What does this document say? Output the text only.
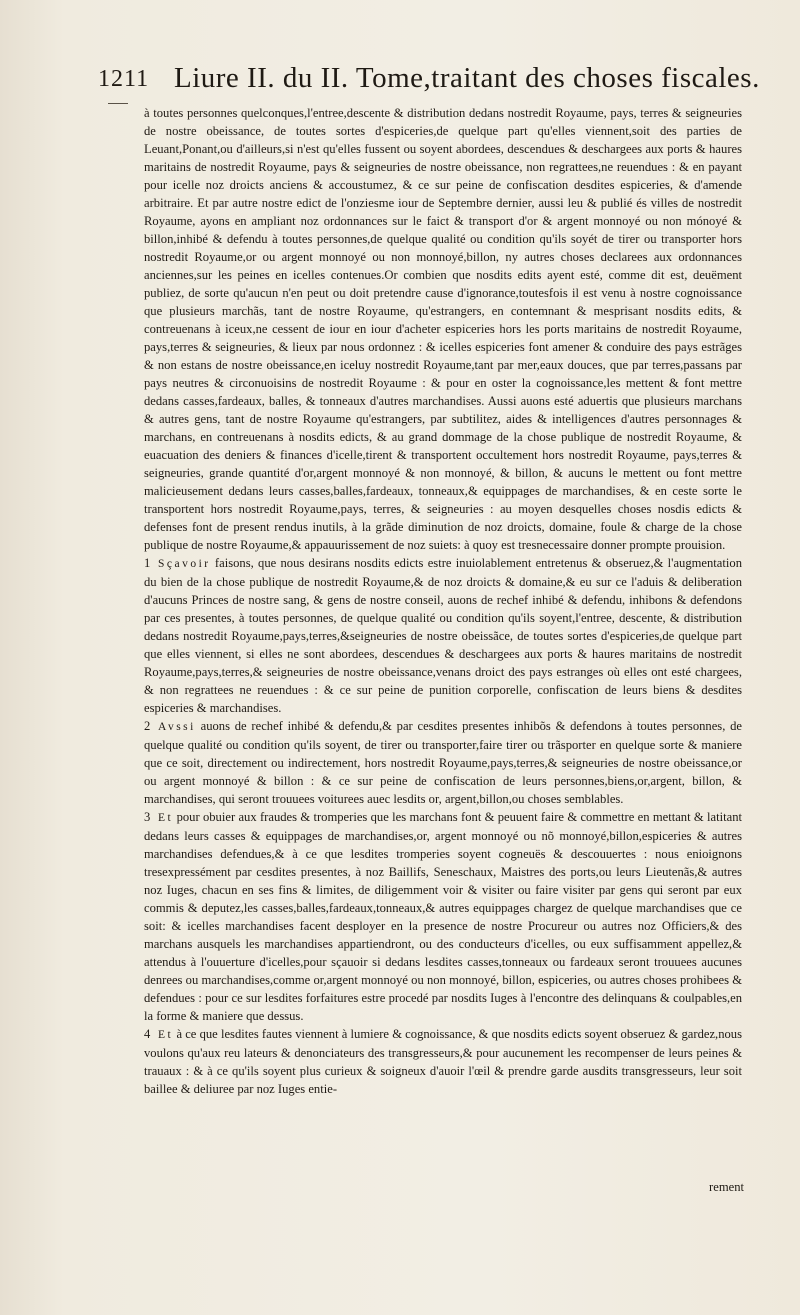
1211 Liure II. du II. Tome,traitant des choses fiscales.

à toutes personnes quelconques,l'entree,descente & distribution dedans nostredit Royaume, pays, terres & seigneuries de nostre obeissance, de toutes sortes d'espiceries,de quelque part qu'elles viennent,soit des parties de Leuant,Ponant,ou d'ailleurs,si n'est qu'elles fussent ou soyent abordees, descendues & deschargees aux ports & haures maritains de nostredit Royaume, pays & seigneuries de nostre obeissance, non regrattees,ne reuendues : & en payant pour icelle noz droicts anciens & accoustumez, & ce sur peine de confiscation desdites espiceries, & d'amende arbitraire. Et par autre nostre edict de l'onziesme iour de Septembre dernier, aussi leu & publié és villes de nostredit Royaume, ayons en ampliant noz ordonnances sur le faict & transport d'or & argent monnoyé ou non mónoyé & billon,inhibé & defendu à toutes personnes,de quelque qualité ou condition qu'ils soyét de tirer ou transporter hors nostredit Royaume,or ou argent monnoyé ou non monnoyé,billon, ny autres choses declarees aux ordonnances anciennes,sur les peines en icelles contenues.Or combien que nosdits edits ayent esté, comme dit est, deuëment publiez, de sorte qu'aucun n'en peut ou doit pretendre cause d'ignorance,toutesfois il est venu à nostre cognoissance que plusieurs marchãs, tant de nostre Royaume, qu'estrangers, en contemnant & mesprisant nosdits edits, & contreuenans à iceux,ne cessent de iour en iour d'acheter espiceries hors les ports maritains de nostredit Royaume, pays,terres & seigneuries, & lieux par nous ordonnez : & icelles espiceries font amener & conduire des pays estrãges & non estans de nostre obeissance,en iceluy nostredit Royaume,tant par mer,eaux douces, que par terres,passans par pays neutres & circonuoisins de nostredit Royaume : & pour en oster la cognoissance,les mettent & font mettre dedans casses,fardeaux, balles, & tonneaux d'autres marchandises. Aussi auons esté aduertis que plusieurs marchans & autres gens, tant de nostre Royaume qu'estrangers, par subtilitez, aides & intelligences d'autres personnages & marchans, en contreuenans à nosdits edicts, & au grand dommage de la chose publique de nostredit Royaume, & euacuation des deniers & finances d'icelle,tirent & transportent occultement hors nostredit Royaume, pays,terres & seigneuries, grande quantité d'or,argent monnoyé & non monnoyé, & billon, & aucuns le mettent ou font mettre malicieusement dedans leurs casses,balles,fardeaux, tonneaux,& equippages de marchandises, & en ceste sorte le transportent hors nostredit Royaume,pays, terres, & seigneuries : au moyen desquelles choses nosdis edicts & defenses font de present rendus inutils, à la grãde diminution de noz droicts, domaine, foule & charge de la chose publique de nostre Royaume,& appauurissement de noz suiets: à quoy est tresnecessaire donner prompte prouision.

1 Sçavoir faisons, que nous desirans nosdits edicts estre inuiolablement entretenus & obseruez,& l'augmentation du bien de la chose publique de nostredit Royaume,& de noz droicts & domaine,& eu sur ce l'aduis & deliberation d'aucuns Princes de nostre sang, & gens de nostre conseil, auons de rechef inhibé & defendu, inhibons & defendons par ces presentes, à toutes personnes, de quelque qualité ou condition qu'ils soyent,l'entree, descente, & distribution dedans nostredit Royaume,pays,terres,&seigneuries de nostre obeissãce, de toutes sortes d'espiceries,de quelque part que elles viennent, si elles ne sont abordees, descendues & deschargees aux ports & haures maritains de nostredit Royaume,pays,terres,& seigneuries de nostre obeissance,venans droict des pays estranges où elles ont esté chargees, & non regrattees ne reuendues : & ce sur peine de punition corporelle, confiscation de leurs biens & desdites espiceries & marchandises.

2 Avssi auons de rechef inhibé & defendu,& par cesdites presentes inhibõs & defendons à toutes personnes, de quelque qualité ou condition qu'ils soyent, de tirer ou transporter,faire tirer ou trãsporter en quelque sorte & maniere que ce soit, directement ou indirectement, hors nostredit Royaume,pays,terres,& seigneuries de nostre obeissance,or ou argent monnoyé & billon : & ce sur peine de confiscation de leurs personnes,biens,or,argent, billon, & marchandises, qui seront trouuees voiturees auec lesdits or, argent,billon,ou choses semblables.

3 Et pour obuier aux fraudes & tromperies que les marchans font & peuuent faire & commettre en mettant & latitant dedans leurs casses & equippages de marchandises,or, argent monnoyé ou nõ monnoyé,billon,espiceries & autres marchandises defendues,& à ce que lesdites tromperies soyent cogneuës & descouuertes : nous enioignons tresexpressément par cesdites presentes, à noz Baillifs, Seneschaux, Maistres des ports,ou leurs Lieutenãs,& autres noz Iuges, chacun en ses fins & limites, de diligemment voir & visiter ou faire visiter par gens qui seront par eux commis & deputez,les casses,balles,fardeaux,tonneaux,& autres equippages chargez de quelque marchandises que ce soit: & icelles marchandises facent desployer en la presence de nostre Procureur ou autres noz Officiers,& des marchans ausquels les marchandises appartiendront, ou des conducteurs d'icelles, ou eux suffisamment appellez,& attendus à l'ouuerture d'icelles,pour sçauoir si dedans lesdites casses,tonneaux ou fardeaux seront trouuees aucunes denrees ou marchandises,comme or,argent monnoyé ou non monnoyé, billon, espiceries, ou autres choses prohibees & defendues : pour ce sur lesdites forfaitures estre procedé par nosdits Iuges à l'encontre des delinquans & coulpables,en la forme & maniere que dessus.

4 Et à ce que lesdites fautes viennent à lumiere & cognoissance, & que nosdits edicts soyent obseruez & gardez,nous voulons qu'aux reu lateurs & denonciateurs des transgresseurs,& pour aucunement les recompenser de leurs peines & trauaux : & à ce qu'ils soyent plus curieux & soigneux d'auoir l'œil & prendre garde ausdits transgresseurs, leur soit baillee & deliuree par noz Iuges entie-

rement
